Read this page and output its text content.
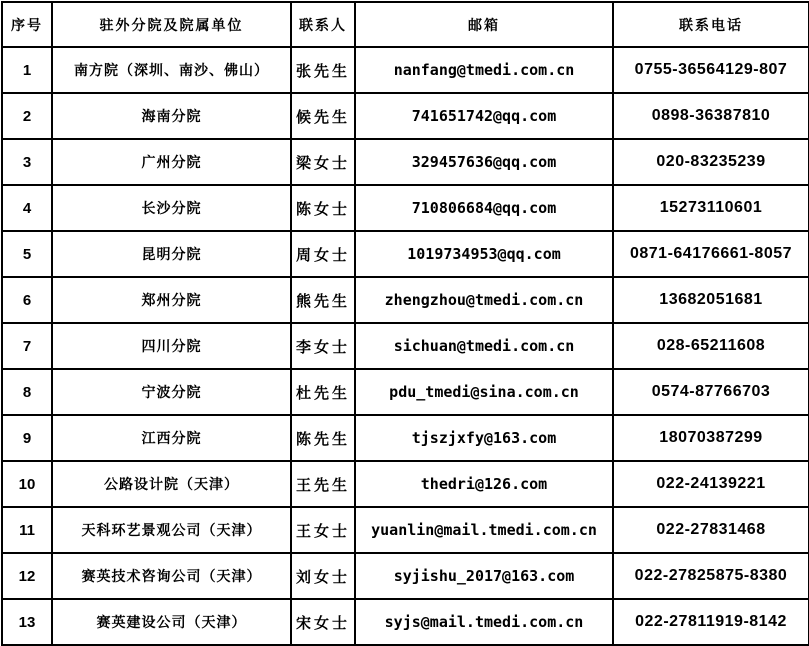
序号	驻外分院及院属单位	联系人	邮箱	联系电话
1	南方院（深圳、南沙、佛山）	张先生	nanfang@tmedi.com.cn	0755-36564129-807
2	海南分院	候先生	741651742@qq.com	0898-36387810
3	广州分院	梁女士	329457636@qq.com	020-83235239
4	长沙分院	陈女士	710806684@qq.com	15273110601
5	昆明分院	周女士	1019734953@qq.com	0871-64176661-8057
6	郑州分院	熊先生	zhengzhou@tmedi.com.cn	13682051681
7	四川分院	李女士	sichuan@tmedi.com.cn	028-65211608
8	宁波分院	杜先生	pdu_tmedi@sina.com.cn	0574-87766703
9	江西分院	陈先生	tjszjxfy@163.com	18070387299
10	公路设计院（天津）	王先生	thedri@126.com	022-24139221
11	天科环艺景观公司（天津）	王女士	yuanlin@mail.tmedi.com.cn	022-27831468
12	赛英技术咨询公司（天津）	刘女士	syjishu_2017@163.com	022-27825875-8380
13	赛英建设公司（天津）	宋女士	syjs@mail.tmedi.com.cn	022-27811919-8142
